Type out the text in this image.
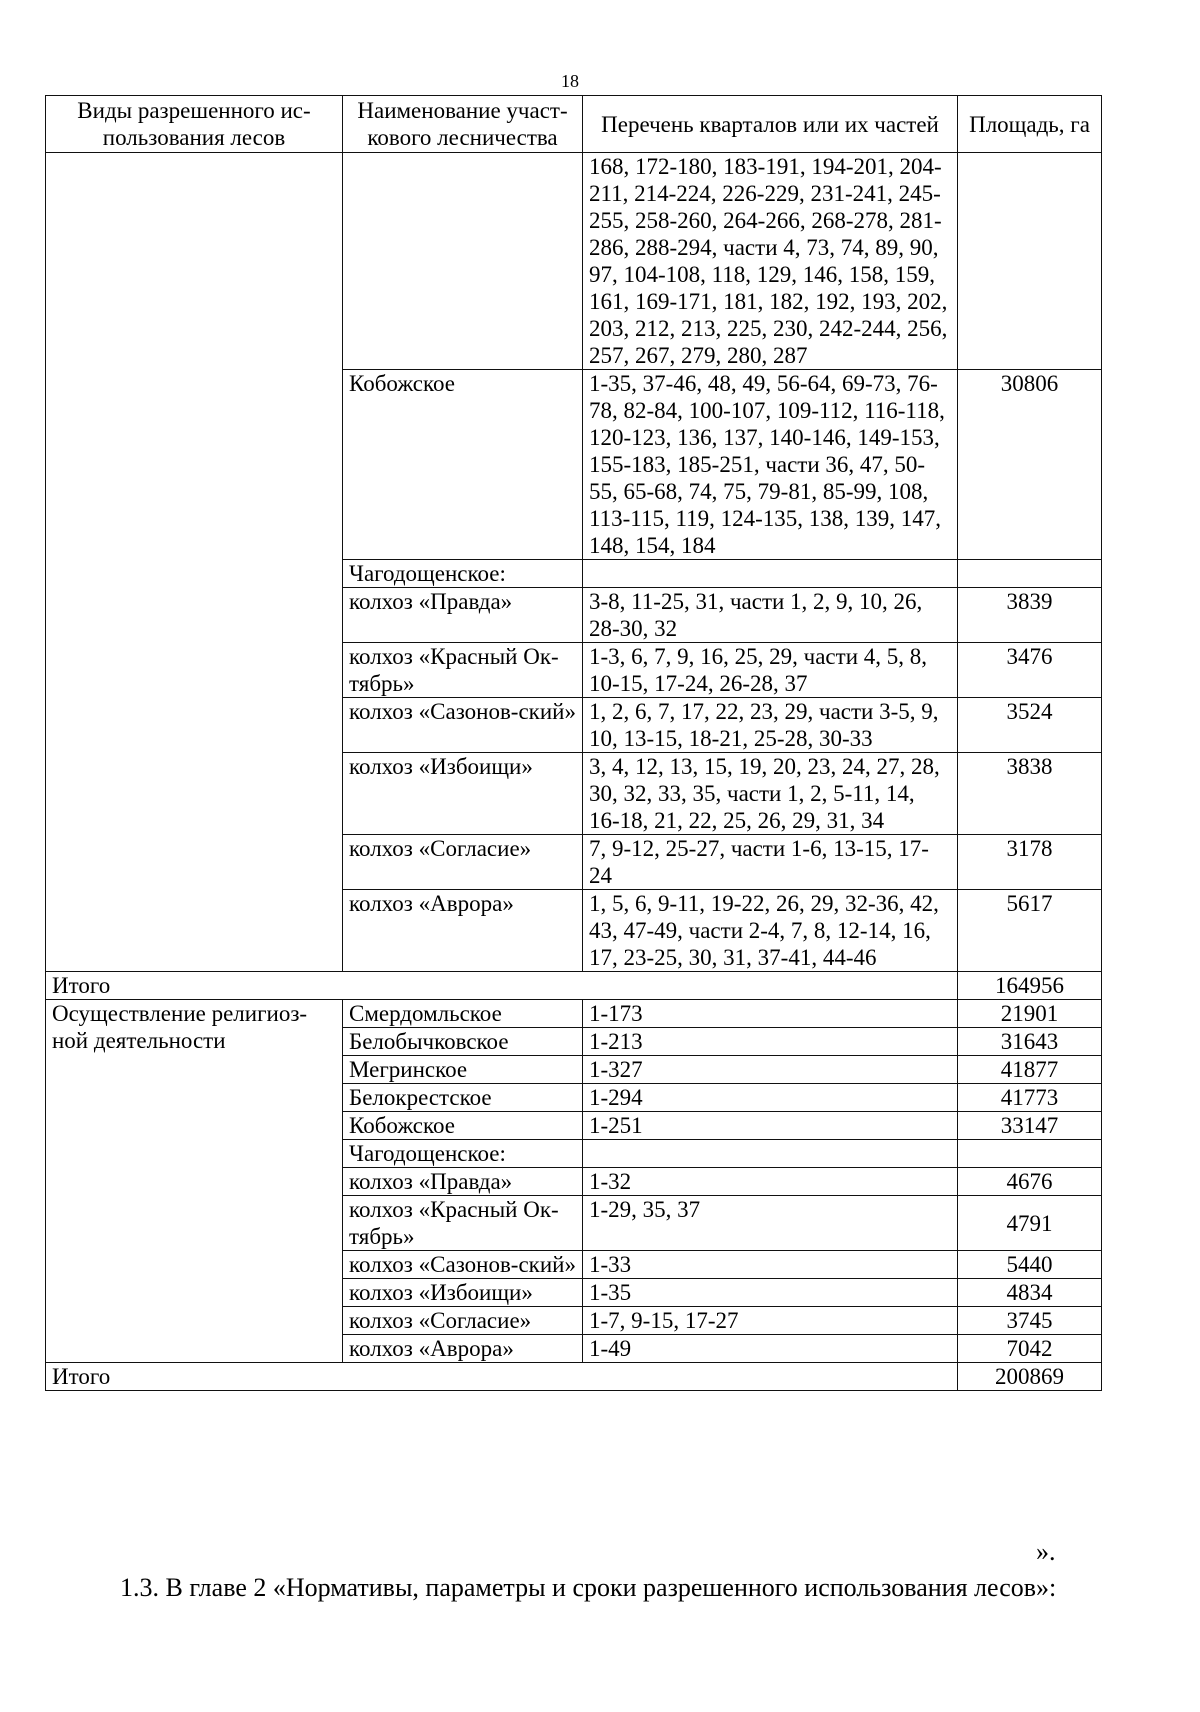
18
Виды разрешенного ис-пользования лесов	Наименование участ-кового лесничества	Перечень кварталов или их частей	Площадь, га
		168, 172-180, 183-191, 194-201, 204-211, 214-224, 226-229, 231-241, 245-255, 258-260, 264-266, 268-278, 281-286, 288-294, части 4, 73, 74, 89, 90, 97, 104-108, 118, 129, 146, 158, 159, 161, 169-171, 181, 182, 192, 193, 202, 203, 212, 213, 225, 230, 242-244, 256, 257, 267, 279, 280, 287	
	Кобожское	1-35, 37-46, 48, 49, 56-64, 69-73, 76-78, 82-84, 100-107, 109-112, 116-118, 120-123, 136, 137, 140-146, 149-153, 155-183, 185-251, части 36, 47, 50-55, 65-68, 74, 75, 79-81, 85-99, 108, 113-115, 119, 124-135, 138, 139, 147, 148, 154, 184	30806
	Чагодощенское:		
	колхоз «Правда»	3-8, 11-25, 31, части 1, 2, 9, 10, 26, 28-30, 32	3839
	колхоз «Красный Ок-тябрь»	1-3, 6, 7, 9, 16, 25, 29, части 4, 5, 8, 10-15, 17-24, 26-28, 37	3476
	колхоз «Сазонов-ский»	1, 2, 6, 7, 17, 22, 23, 29, части 3-5, 9, 10, 13-15, 18-21, 25-28, 30-33	3524
	колхоз «Избоищи»	3, 4, 12, 13, 15, 19, 20, 23, 24, 27, 28, 30, 32, 33, 35, части 1, 2, 5-11, 14, 16-18, 21, 22, 25, 26, 29, 31, 34	3838
	колхоз «Согласие»	7, 9-12, 25-27, части 1-6, 13-15, 17-24	3178
	колхоз «Аврора»	1, 5, 6, 9-11, 19-22, 26, 29, 32-36, 42, 43, 47-49, части 2-4, 7, 8, 12-14, 16, 17, 23-25, 30, 31, 37-41, 44-46	5617
Итого			164956
Осуществление религиоз-ной деятельности	Смердомльское	1-173	21901
	Белобычковское	1-213	31643
	Мегринское	1-327	41877
	Белокрестское	1-294	41773
	Кобожское	1-251	33147
	Чагодощенское:		
	колхоз «Правда»	1-32	4676
	колхоз «Красный Ок-тябрь»	1-29, 35, 37	4791
	колхоз «Сазонов-ский»	1-33	5440
	колхоз «Избоищи»	1-35	4834
	колхоз «Согласие»	1-7, 9-15, 17-27	3745
	колхоз «Аврора»	1-49	7042
Итого			200869
».
1.3. В главе 2 «Нормативы, параметры и сроки разрешенного использования лесов»:
